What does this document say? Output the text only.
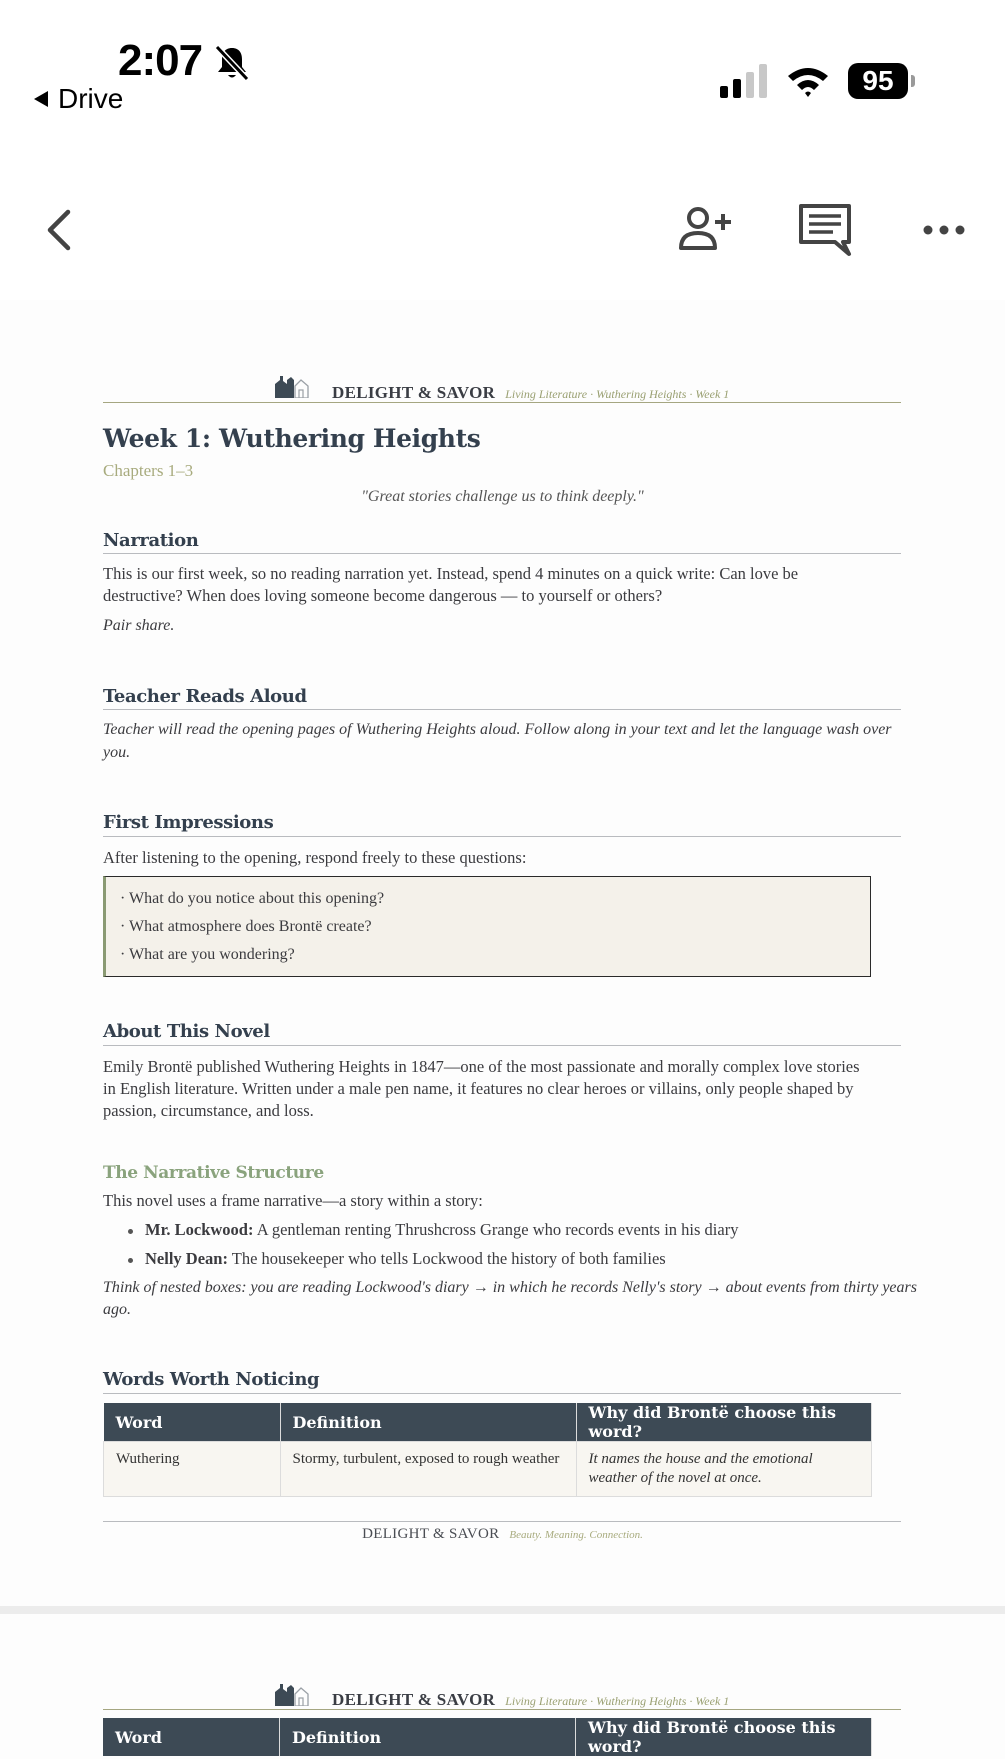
2:07
Drive
95
DELIGHT & SAVOR Living Literature · Wuthering Heights · Week 1
Week 1: Wuthering Heights
Chapters 1–3
"Great stories challenge us to think deeply."
Narration
This is our first week, so no reading narration yet. Instead, spend 4 minutes on a quick write: Can love be
destructive? When does loving someone become dangerous — to yourself or others?
Pair share.
Teacher Reads Aloud
Teacher will read the opening pages of Wuthering Heights aloud. Follow along in your text and let the language wash over
you.
First Impressions
After listening to the opening, respond freely to these questions:
· What do you notice about this opening?
· What atmosphere does Brontë create?
· What are you wondering?
About This Novel
Emily Brontë published Wuthering Heights in 1847—one of the most passionate and morally complex love stories
in English literature. Written under a male pen name, it features no clear heroes or villains, only people shaped by
passion, circumstance, and loss.
The Narrative Structure
This novel uses a frame narrative—a story within a story:
Mr. Lockwood: A gentleman renting Thrushcross Grange who records events in his diary
Nelly Dean: The housekeeper who tells Lockwood the history of both families
Think of nested boxes: you are reading Lockwood's diary → in which he records Nelly's story → about events from thirty years
ago.
Words Worth Noticing
Word	Definition	Why did Brontë choose this word?
Wuthering	Stormy, turbulent, exposed to rough weather	It names the house and the emotional weather of the novel at once.
DELIGHT & SAVOR Beauty. Meaning. Connection.
DELIGHT & SAVOR Living Literature · Wuthering Heights · Week 1
Word	Definition	Why did Brontë choose this word?
